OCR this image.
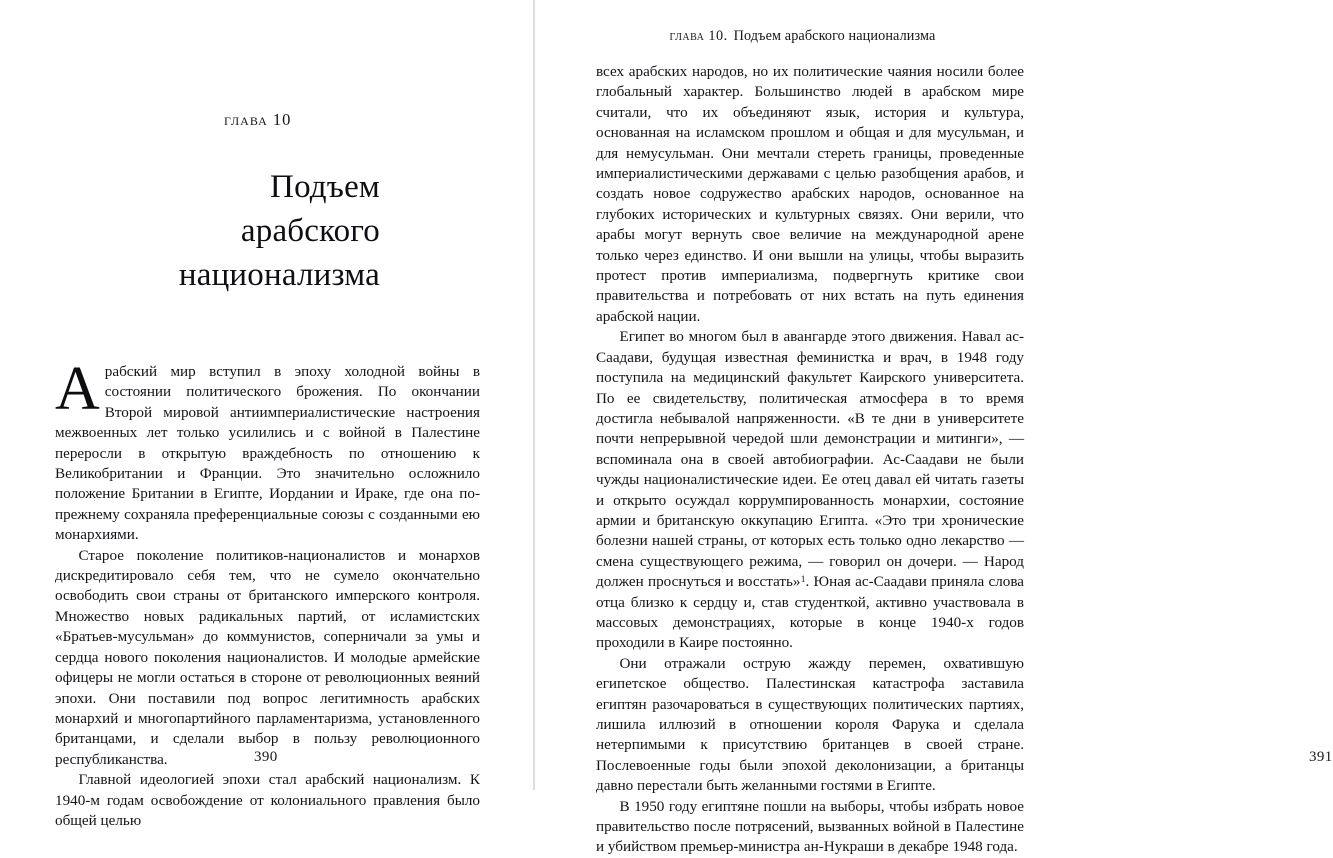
глава 10
Подъем
арабского
национализма

Арабский мир вступил в эпоху холодной войны в состоянии политического брожения. По окончании Второй мировой антиимпериалистические настроения межвоенных лет только усилились и с войной в Палестине переросли в открытую враждебность по отношению к Великобритании и Франции. Это значительно осложнило положение Британии в Египте, Иордании и Ираке, где она по-прежнему сохраняла преференциальные союзы с созданными ею монархиями.

Старое поколение политиков-националистов и монархов дискредитировало себя тем, что не сумело окончательно освободить свои страны от британского имперского контроля. Множество новых радикальных партий, от исламистских «Братьев-мусульман» до коммунистов, соперничали за умы и сердца нового поколения националистов. И молодые армейские офицеры не могли остаться в стороне от революционных веяний эпохи. Они поставили под вопрос легитимность арабских монархий и многопартийного парламентаризма, установленного британцами, и сделали выбор в пользу революционного республиканства.

Главной идеологией эпохи стал арабский национализм. К 1940-м годам освобождение от колониального правления было общей целью

390
глава 10. Подъем арабского национализма

всех арабских народов, но их политические чаяния носили более глобальный характер. Большинство людей в арабском мире считали, что их объединяют язык, история и культура, основанная на исламском прошлом и общая и для мусульман, и для немусульман. Они мечтали стереть границы, проведенные империалистическими державами с целью разобщения арабов, и создать новое содружество арабских народов, основанное на глубоких исторических и культурных связях. Они верили, что арабы могут вернуть свое величие на международной арене только через единство. И они вышли на улицы, чтобы выразить протест против империализма, подвергнуть критике свои правительства и потребовать от них встать на путь единения арабской нации.

Египет во многом был в авангарде этого движения. Навал ас-Саадави, будущая известная феминистка и врач, в 1948 году поступила на медицинский факультет Каирского университета. По ее свидетельству, политическая атмосфера в то время достигла небывалой напряженности. «В те дни в университете почти непрерывной чередой шли демонстрации и митинги», — вспоминала она в своей автобиографии. Ас-Саадави не были чужды националистические идеи. Ее отец давал ей читать газеты и открыто осуждал коррумпированность монархии, состояние армии и британскую оккупацию Египта. «Это три хронические болезни нашей страны, от которых есть только одно лекарство — смена существующего режима, — говорил он дочери. — Народ должен проснуться и восстать»$^1$. Юная ас-Саадави приняла слова отца близко к сердцу и, став студенткой, активно участвовала в массовых демонстрациях, которые в конце 1940-х годов проходили в Каире постоянно.

Они отражали острую жажду перемен, охватившую египетское общество. Палестинская катастрофа заставила египтян разочароваться в существующих политических партиях, лишила иллюзий в отношении короля Фарука и сделала нетерпимыми к присутствию британцев в своей стране. Послевоенные годы были эпохой деколонизации, а британцы давно перестали быть желанными гостями в Египте.

В 1950 году египтяне пошли на выборы, чтобы избрать новое правительство после потрясений, вызванных войной в Палестине и убийством премьер-министра ан-Нукраши в декабре 1948 года.

391
